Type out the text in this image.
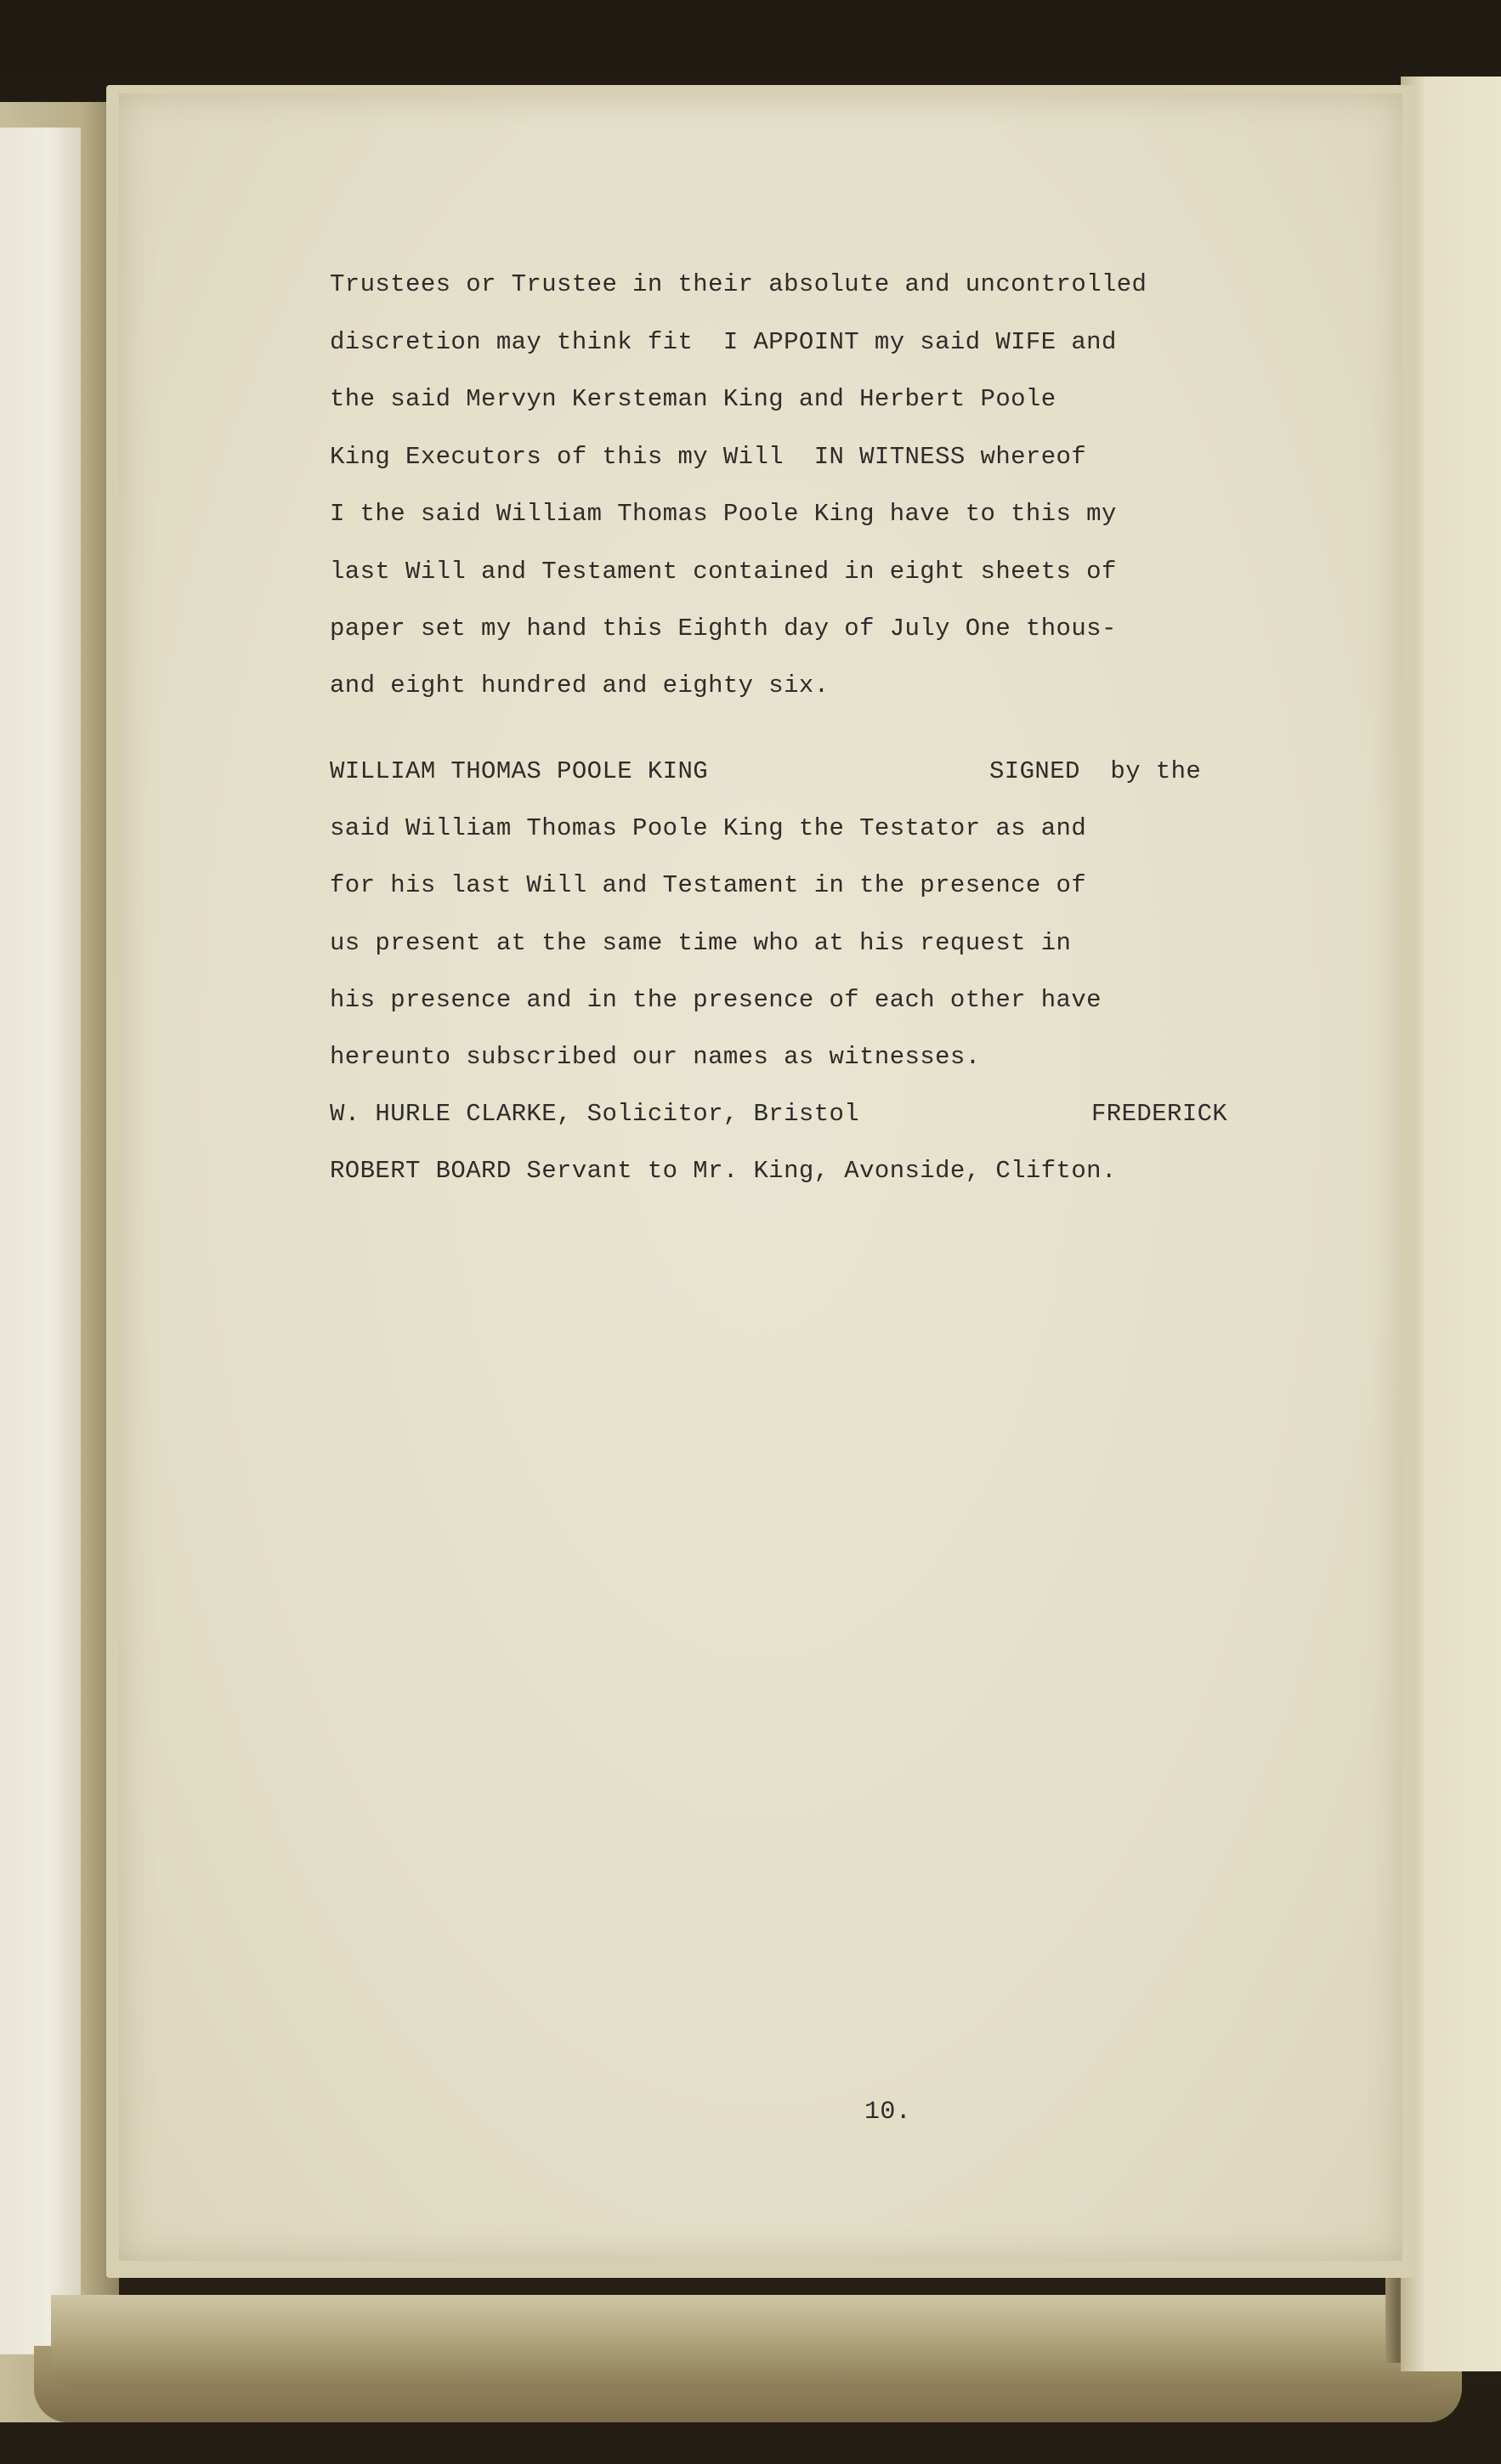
Trustees or Trustee in their absolute and uncontrolled

discretion may think fit  I APPOINT my said WIFE and

the said Mervyn Kersteman King and Herbert Poole

King Executors of this my Will  IN WITNESS whereof

I the said William Thomas Poole King have to this my

last Will and Testament contained in eight sheets of

paper set my hand this Eighth day of July One thous-

and eight hundred and eighty six.

WILLIAM THOMAS POOLE KING

	SIGNED  by the

said William Thomas Poole King the Testator as and

for his last Will and Testament in the presence of

us present at the same time who at his request in

his presence and in the presence of each other have

hereunto subscribed our names as witnesses.

W. HURLE CLARKE, Solicitor, Bristol

	FREDERICK

ROBERT BOARD Servant to Mr. King, Avonside, Clifton.

10.
